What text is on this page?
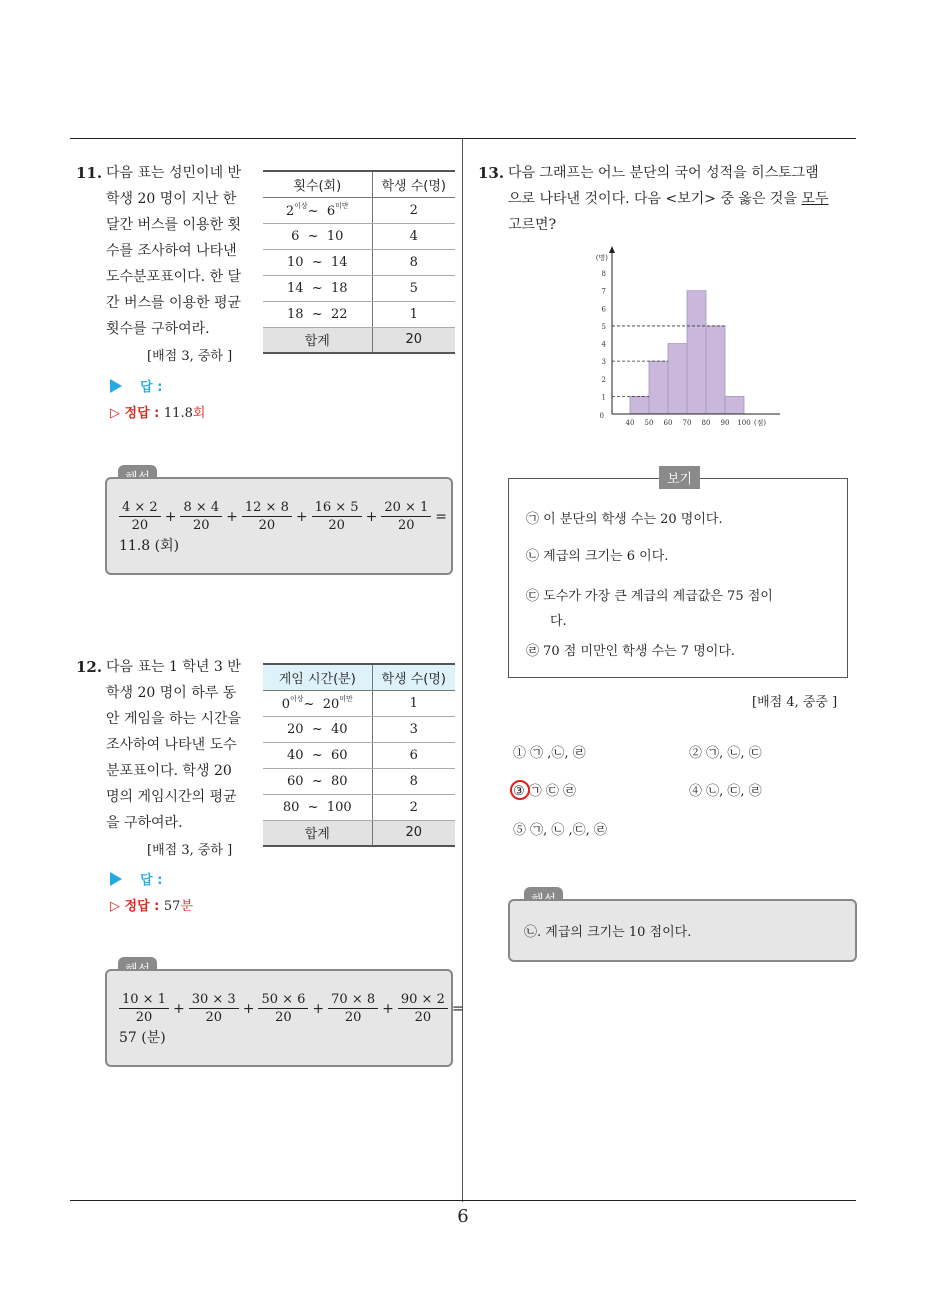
6
11. 다음 표는 성민이네 반
학생 20 명이 지난 한
달간 버스를 이용한 횟
수를 조사하여 나타낸
도수분포표이다. 한 달
간 버스를 이용한 평균
횟수를 구하여라.
[배점 3, 중하 ]
횟수(회)	학생 수(명)
$2^{이상}\sim$ $6^{미만}$	2
6 ~ 10	4
10 ~ 14	8
14 ~ 18	5
18 ~ 22	1
합계	20
답 :
▷ 정답 : 11.8회
$\frac{4 \times 2}{20} + \frac{8 \times 4}{20} + \frac{12 \times 8}{20} + \frac{16 \times 5}{20} + \frac{20 \times 1}{20}$ =
11.8 (회)
12. 다음 표는 1 학년 3 반
학생 20 명이 하루 동
안 게임을 하는 시간을
조사하여 나타낸 도수
분포표이다. 학생 20
명의 게임시간의 평균
을 구하여라.
[배점 3, 중하 ]
게임 시간(분)	학생 수(명)
$0^{이상}\sim$ $20^{미만}$	1
20 ~ 40	3
40 ~ 60	6
60 ~ 80	8
80 ~ 100	2
합계	20
답 :
▷ 정답 : 57분
$\frac{10 \times 1}{20} + \frac{30 \times 3}{20} + \frac{50 \times 6}{20} + \frac{70 \times 8}{20} + \frac{90 \times 2}{20}$ =
57 (분)
13. 다음 그래프는 어느 분단의 국어 성적을 히스토그램
으로 나타낸 것이다. 다음 <보기> 중 옳은 것을 모두
고르면?
1
2
3
4
5
6
7
8
40 50 60 70 80 90 100
0
(명)
(점)
보기
㉠ 이 분단의 학생 수는 20 명이다.
㉡ 계급의 크기는 6 이다.
㉢ 도수가 가장 큰 계급의 계급값은 75 점이
다.
㉣ 70 점 미만인 학생 수는 7 명이다.
[배점 4, 중중 ]
① ㉠ ,㉡, ㉣	② ㉠, ㉡, ㉢
③ ㉠ ㉢ ㉣	④ ㉡, ㉢, ㉣
⑤ ㉠, ㉡ ,㉢, ㉣
㉡. 계급의 크기는 10 점이다.
